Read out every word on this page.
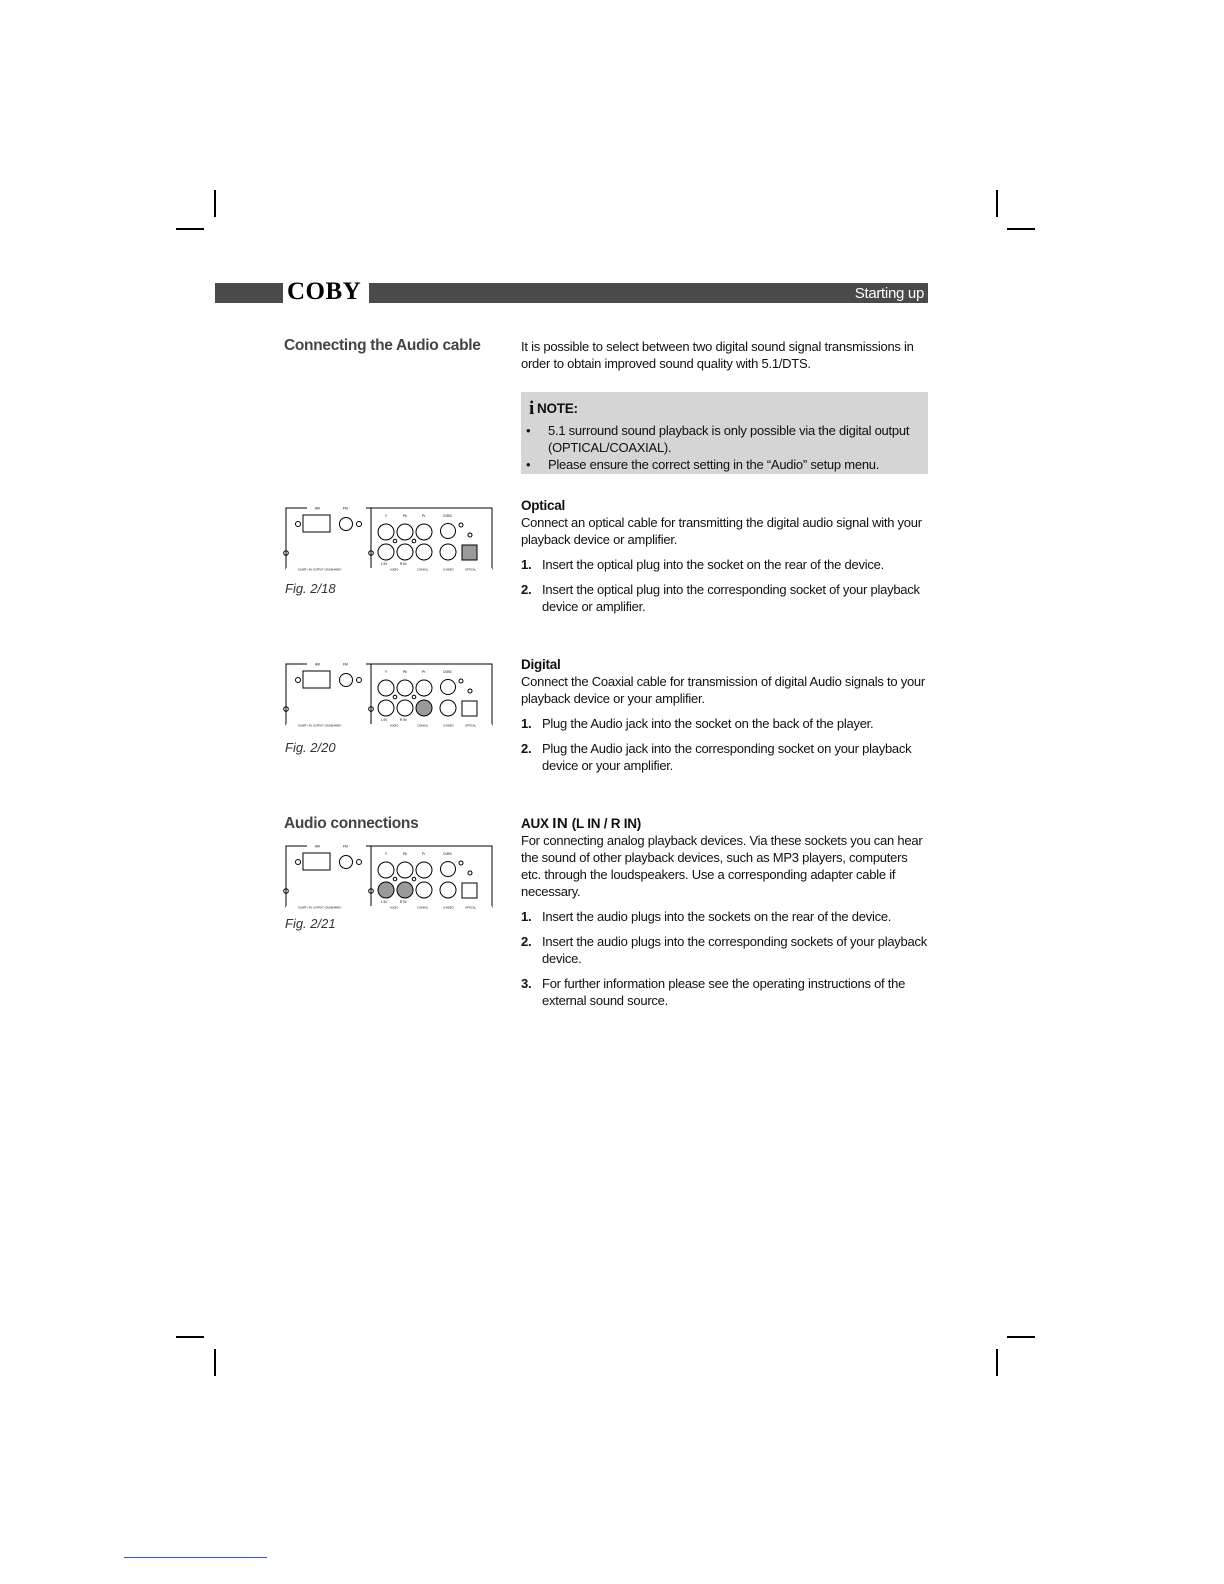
COBY	Starting up
Connecting the Audio cable
Audio connections

It is possible to select between two digital sound signal transmissions in order to obtain improved sound quality with 5.1/DTS.

i NOTE:
• 5.1 surround sound playback is only possible via the digital output (OPTICAL/COAXIAL).
• Please ensure the correct setting in the “Audio” setup menu.
AM	FM
Y	Pb	Pr	CVBS
L IN	R IN
SCART / AV OUTPUT / DUKEHAREY	AUDIO	COAXIAL	S-VIDEO	OPTICAL
Fig. 2/18

Optical

Connect an optical cable for transmitting the digital audio signal with your playback device or amplifier.

1. Insert the optical plug into the socket on the rear of the device.
2. Insert the optical plug into the corresponding socket of your playback device or amplifier.
AM	FM
Y	Pb	Pr	CVBS
L IN	R IN
SCART / AV OUTPUT / DUKEHAREY	AUDIO	COAXIAL	S-VIDEO	OPTICAL
Fig. 2/20

Digital

Connect the Coaxial cable for transmission of digital Audio signals to your playback device or your amplifier.

1. Plug the Audio jack into the socket on the back of the player.
2. Plug the Audio jack into the corresponding socket on your playback device or your amplifier.
AM	FM
Y	Pb	Pr	CVBS
L IN	R IN
SCART / AV OUTPUT / DUKEHAREY	AUDIO	COAXIAL	S-VIDEO	OPTICAL
Fig. 2/21

AUX IN (L IN / R IN)

For connecting analog playback devices. Via these sockets you can hear the sound of other playback devices, such as MP3 players, computers etc. through the loudspeakers. Use a corresponding adapter cable if necessary.

1. Insert the audio plugs into the sockets on the rear of the device.
2. Insert the audio plugs into the corresponding sockets of your playback device.
3. For further information please see the operating instructions of the external sound source.
